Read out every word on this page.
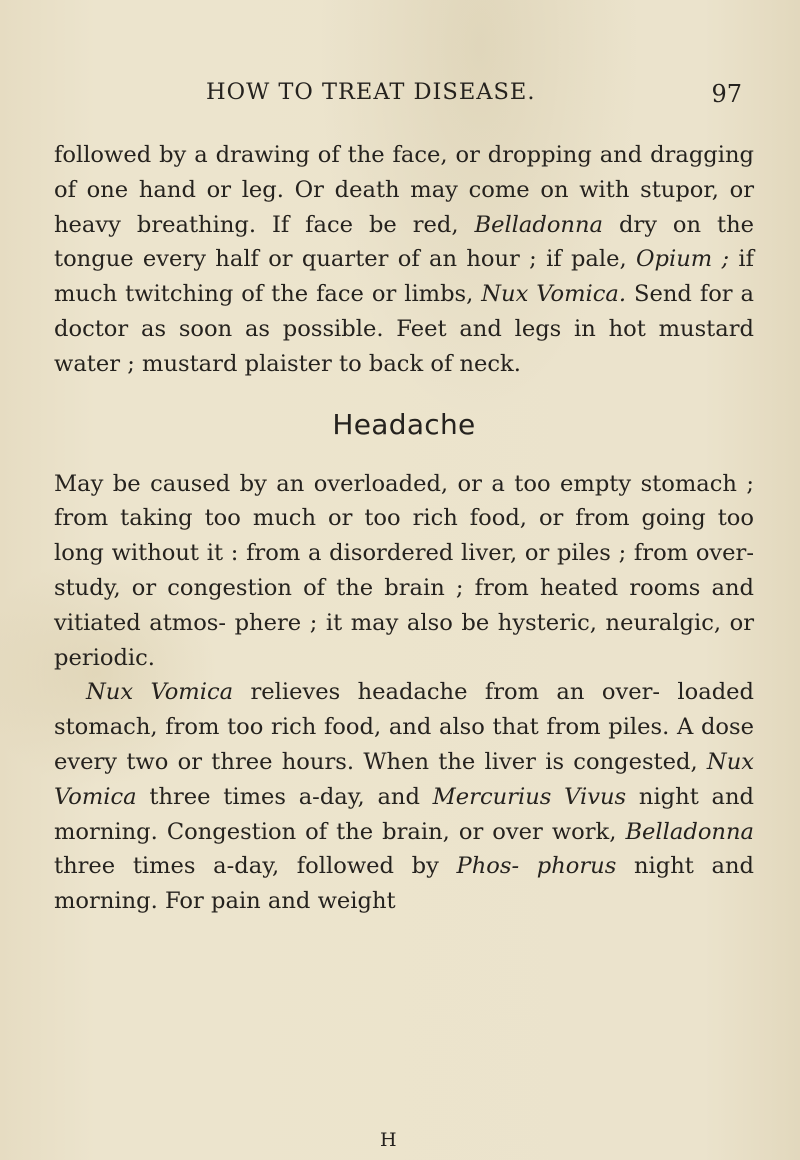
HOW TO TREAT DISEASE.	97

followed by a drawing of the face, or dropping and dragging of one hand or leg. Or death may come on with stupor, or heavy breathing. If face be red, Belladonna dry on the tongue every half or quarter of an hour ; if pale, Opium ; if much twitching of the face or limbs, Nux Vomica. Send for a doctor as soon as possible. Feet and legs in hot mustard water ; mustard plaister to back of neck.

Headache

May be caused by an overloaded, or a too empty stomach ; from taking too much or too rich food, or from going too long without it : from a disordered liver, or piles ; from over-study, or congestion of the brain ; from heated rooms and vitiated atmos- phere ; it may also be hysteric, neuralgic, or periodic.

Nux Vomica relieves headache from an over- loaded stomach, from too rich food, and also that from piles. A dose every two or three hours. When the liver is congested, Nux Vomica three times a-day, and Mercurius Vivus night and morning. Congestion of the brain, or over work, Belladonna three times a-day, followed by Phos- phorus night and morning. For pain and weight

H
